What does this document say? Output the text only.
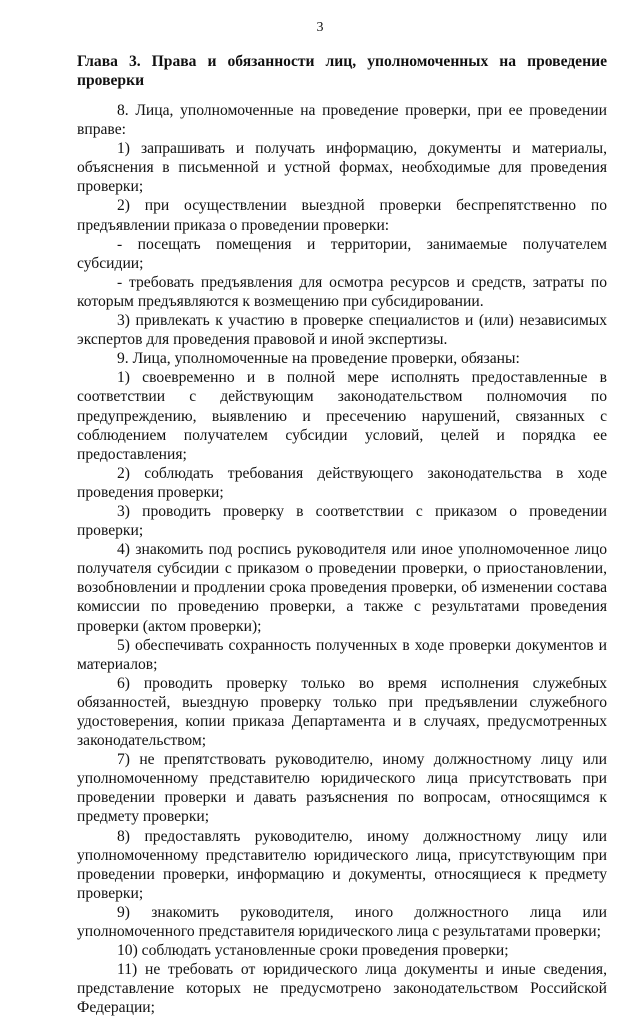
3
Глава 3. Права и обязанности лиц, уполномоченных на проведение проверки

8. Лица, уполномоченные на проведение проверки, при ее проведении вправе:

1) запрашивать и получать информацию, документы и материалы, объяснения в письменной и устной формах, необходимые для проведения проверки;

2) при осуществлении выездной проверки беспрепятственно по предъявлении приказа о проведении проверки:

- посещать помещения и территории, занимаемые получателем субсидии;

- требовать предъявления для осмотра ресурсов и средств, затраты по которым предъявляются к возмещению при субсидировании.

3) привлекать к участию в проверке специалистов и (или) независимых экспертов для проведения правовой и иной экспертизы.

9. Лица, уполномоченные на проведение проверки, обязаны:

1) своевременно и в полной мере исполнять предоставленные в соответствии с действующим законодательством полномочия по предупреждению, выявлению и пресечению нарушений, связанных с соблюдением получателем субсидии условий, целей и порядка ее предоставления;

2) соблюдать требования действующего законодательства в ходе проведения проверки;

3) проводить проверку в соответствии с приказом о проведении проверки;

4) знакомить под роспись руководителя или иное уполномоченное лицо получателя субсидии с приказом о проведении проверки, о приостановлении, возобновлении и продлении срока проведения проверки, об изменении состава комиссии по проведению проверки, а также с результатами проведения проверки (актом проверки);

5) обеспечивать сохранность полученных в ходе проверки документов и материалов;

6) проводить проверку только во время исполнения служебных обязанностей, выездную проверку только при предъявлении служебного удостоверения, копии приказа Департамента и в случаях, предусмотренных законодательством;

7) не препятствовать руководителю, иному должностному лицу или уполномоченному представителю юридического лица присутствовать при проведении проверки и давать разъяснения по вопросам, относящимся к предмету проверки;

8) предоставлять руководителю, иному должностному лицу или уполномоченному представителю юридического лица, присутствующим при проведении проверки, информацию и документы, относящиеся к предмету проверки;

9) знакомить руководителя, иного должностного лица или уполномоченного представителя юридического лица с результатами проверки;

10) соблюдать установленные сроки проведения проверки;

11) не требовать от юридического лица документы и иные сведения, представление которых не предусмотрено законодательством Российской Федерации;
